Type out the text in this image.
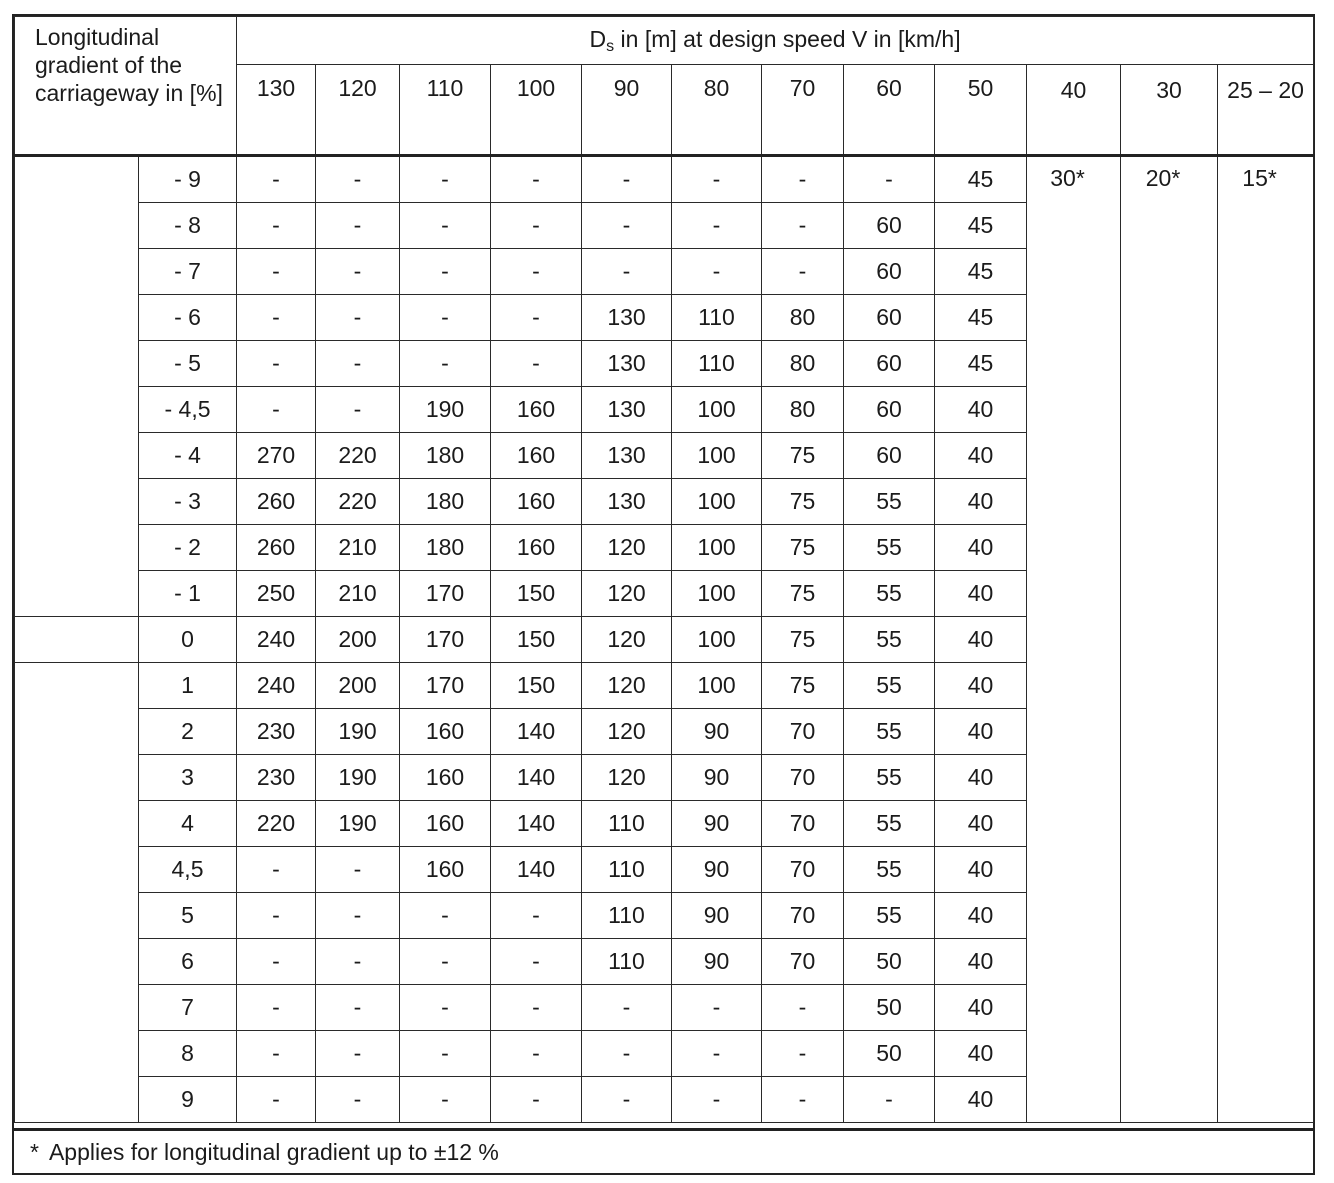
Longitudinal gradient of the carriageway in [%]		$D_s$ in [m] at design speed V in [km/h]											
		130	120	110	100	90	80	70	60	50	40	30	25 – 20
	- 9	-	-	-	-	-	-	-	-	45	30*	20*	15*
	- 8	-	-	-	-	-	-	-	60	45			
	- 7	-	-	-	-	-	-	-	60	45			
	- 6	-	-	-	-	130	110	80	60	45			
	- 5	-	-	-	-	130	110	80	60	45			
	- 4,5	-	-	190	160	130	100	80	60	40			
	- 4	270	220	180	160	130	100	75	60	40			
	- 3	260	220	180	160	130	100	75	55	40			
	- 2	260	210	180	160	120	100	75	55	40			
	- 1	250	210	170	150	120	100	75	55	40			
	0	240	200	170	150	120	100	75	55	40			
	1	240	200	170	150	120	100	75	55	40			
	2	230	190	160	140	120	90	70	55	40			
	3	230	190	160	140	120	90	70	55	40			
	4	220	190	160	140	110	90	70	55	40			
	4,5	-	-	160	140	110	90	70	55	40			
	5	-	-	-	-	110	90	70	55	40			
	6	-	-	-	-	110	90	70	50	40			
	7	-	-	-	-	-	-	-	50	40			
	8	-	-	-	-	-	-	-	50	40			
	9	-	-	-	-	-	-	-	-	40			
* Applies for longitudinal gradient up to ±12 %
